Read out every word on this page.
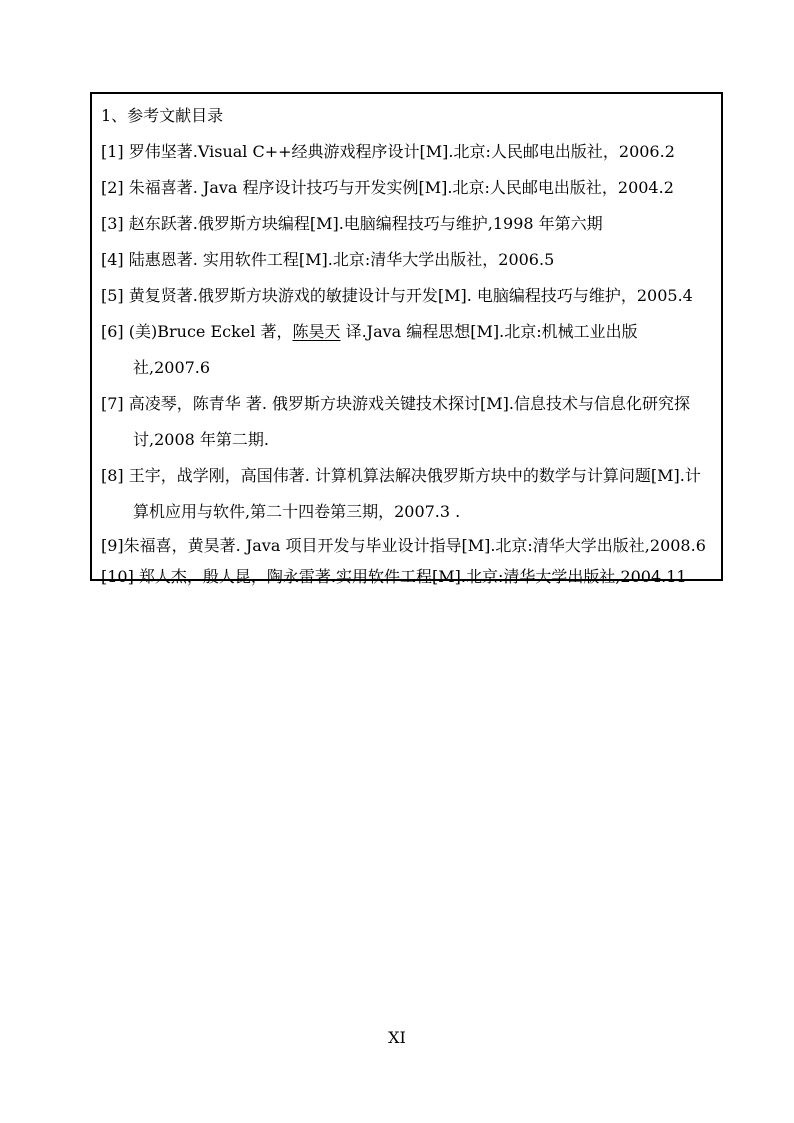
1、参考文献目录

[1] 罗伟坚著.Visual C++经典游戏程序设计[M].北京:人民邮电出版社，2006.2

[2] 朱福喜著. Java 程序设计技巧与开发实例[M].北京:人民邮电出版社，2004.2

[3] 赵东跃著.俄罗斯方块编程[M].电脑编程技巧与维护,1998 年第六期

[4] 陆惠恩著. 实用软件工程[M].北京:清华大学出版社，2006.5

[5] 黄复贤著.俄罗斯方块游戏的敏捷设计与开发[M]. 电脑编程技巧与维护，2005.4

[6] (美)Bruce Eckel 著，陈昊天 译.Java 编程思想[M].北京:机械工业出版社,2007.6

[7] 高凌琴，陈青华 著. 俄罗斯方块游戏关键技术探讨[M].信息技术与信息化研究探讨,2008 年第二期.

[8] 王宇，战学刚，高国伟著. 计算机算法解决俄罗斯方块中的数学与计算问题[M].计算机应用与软件,第二十四卷第三期，2007.3 .

[9]朱福喜，黄昊著. Java 项目开发与毕业设计指导[M].北京:清华大学出版社,2008.6

[10] 郑人杰，殷人昆，陶永雷著.实用软件工程[M].北京:清华大学出版社,2004.11

XI
